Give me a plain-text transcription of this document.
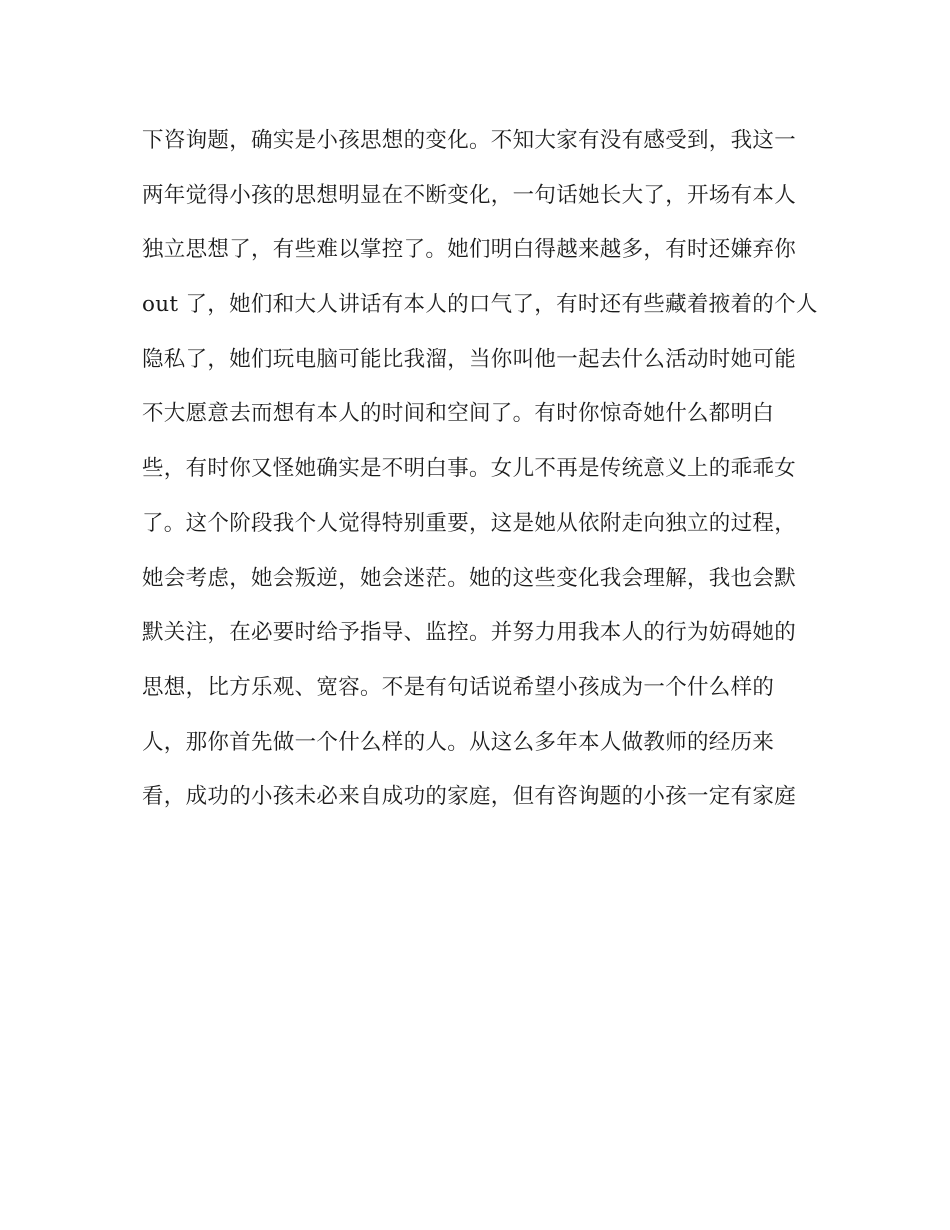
下咨询题，确实是小孩思想的变化。不知大家有没有感受到，我这一
两年觉得小孩的思想明显在不断变化，一句话她长大了，开场有本人
独立思想了，有些难以掌控了。她们明白得越来越多，有时还嫌弃你
out 了，她们和大人讲话有本人的口气了，有时还有些藏着掖着的个人
隐私了，她们玩电脑可能比我溜，当你叫他一起去什么活动时她可能
不大愿意去而想有本人的时间和空间了。有时你惊奇她什么都明白
些，有时你又怪她确实是不明白事。女儿不再是传统意义上的乖乖女
了。这个阶段我个人觉得特别重要，这是她从依附走向独立的过程，
她会考虑，她会叛逆，她会迷茫。她的这些变化我会理解，我也会默
默关注，在必要时给予指导、监控。并努力用我本人的行为妨碍她的
思想，比方乐观、宽容。不是有句话说希望小孩成为一个什么样的
人，那你首先做一个什么样的人。从这么多年本人做教师的经历来
看，成功的小孩未必来自成功的家庭，但有咨询题的小孩一定有家庭
